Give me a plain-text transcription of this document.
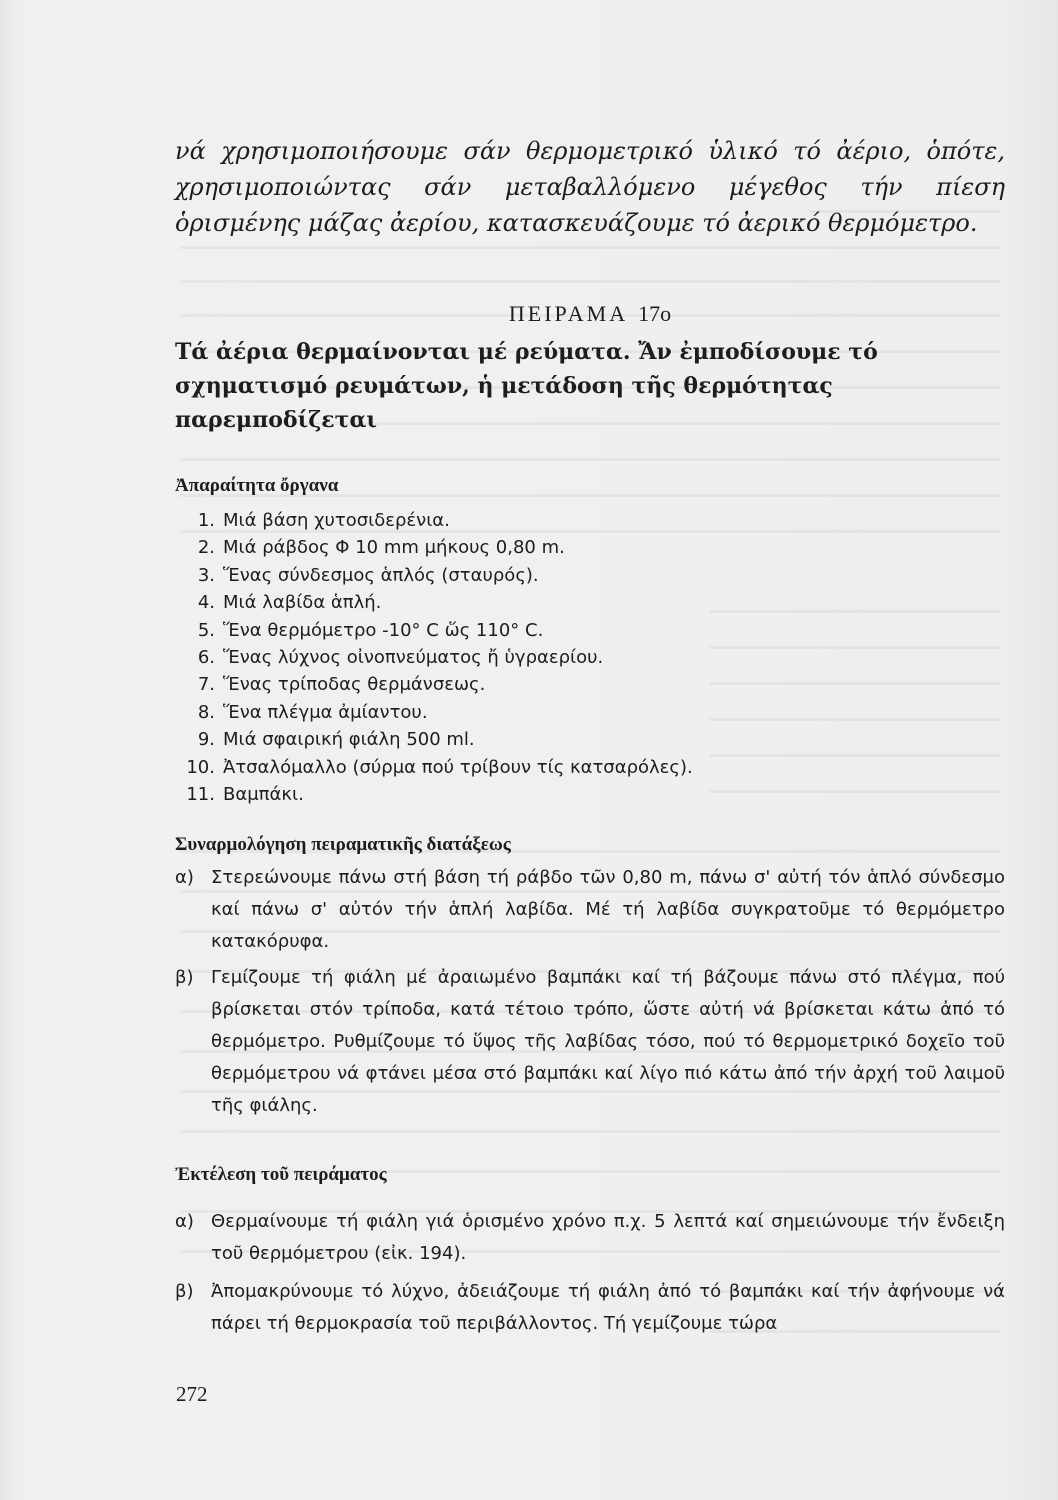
νά χρησιμοποιήσουμε σάν θερμομετρικό ὑλικό τό ἀέριο, ὁπότε, χρησιμοποιώντας σάν μεταβαλλόμενο μέγεθος τήν πίεση ὁρισμένης μάζας ἀερίου, κατασκευάζουμε τό ἀερικό θερμόμετρο.

ΠΕΙΡΑΜΑ 17ο

Τά ἀέρια θερμαίνονται μέ ρεύματα. Ἄν ἐμποδίσουμε τό σχηματισμό ρευμάτων, ἡ μετάδοση τῆς θερμότητας παρεμποδίζεται

Ἀπαραίτητα ὄργανα
1. Μιά βάση χυτοσιδερένια.
2. Μιά ράβδος Φ 10 mm μήκους 0,80 m.
3. Ἕνας σύνδεσμος ἁπλός (σταυρός).
4. Μιά λαβίδα ἁπλή.
5. Ἕνα θερμόμετρο -10° C ὥς 110° C.
6. Ἕνας λύχνος οἰνοπνεύματος ἤ ὑγραερίου.
7. Ἕνας τρίποδας θερμάνσεως.
8. Ἕνα πλέγμα ἀμίαντου.
9. Μιά σφαιρική φιάλη 500 ml.
10. Ἀτσαλόμαλλο (σύρμα πού τρίβουν τίς κατσαρόλες).
11. Βαμπάκι.
Συναρμολόγηση πειραματικῆς διατάξεως
α) Στερεώνουμε πάνω στή βάση τή ράβδο τῶν 0,80 m, πάνω σ' αὐτή τόν ἁπλό σύνδεσμο καί πάνω σ' αὐτόν τήν ἁπλή λαβίδα. Μέ τή λαβίδα συγκρατοῦμε τό θερμόμετρο κατακόρυφα.
β) Γεμίζουμε τή φιάλη μέ ἀραιωμένο βαμπάκι καί τή βάζουμε πάνω στό πλέγμα, πού βρίσκεται στόν τρίποδα, κατά τέτοιο τρόπο, ὥστε αὐτή νά βρίσκεται κάτω ἀπό τό θερμόμετρο. Ρυθμίζουμε τό ὕψος τῆς λαβίδας τόσο, πού τό θερμομετρικό δοχεῖο τοῦ θερμόμετρου νά φτάνει μέσα στό βαμπάκι καί λίγο πιό κάτω ἀπό τήν ἀρχή τοῦ λαιμοῦ τῆς φιάλης.
Ἐκτέλεση τοῦ πειράματος
α) Θερμαίνουμε τή φιάλη γιά ὁρισμένο χρόνο π.χ. 5 λεπτά καί σημειώνουμε τήν ἔνδειξη τοῦ θερμόμετρου (εἰκ. 194).
β) Ἀπομακρύνουμε τό λύχνο, ἀδειάζουμε τή φιάλη ἀπό τό βαμπάκι καί τήν ἀφήνουμε νά πάρει τή θερμοκρασία τοῦ περιβάλλοντος. Τή γεμίζουμε τώρα
272
